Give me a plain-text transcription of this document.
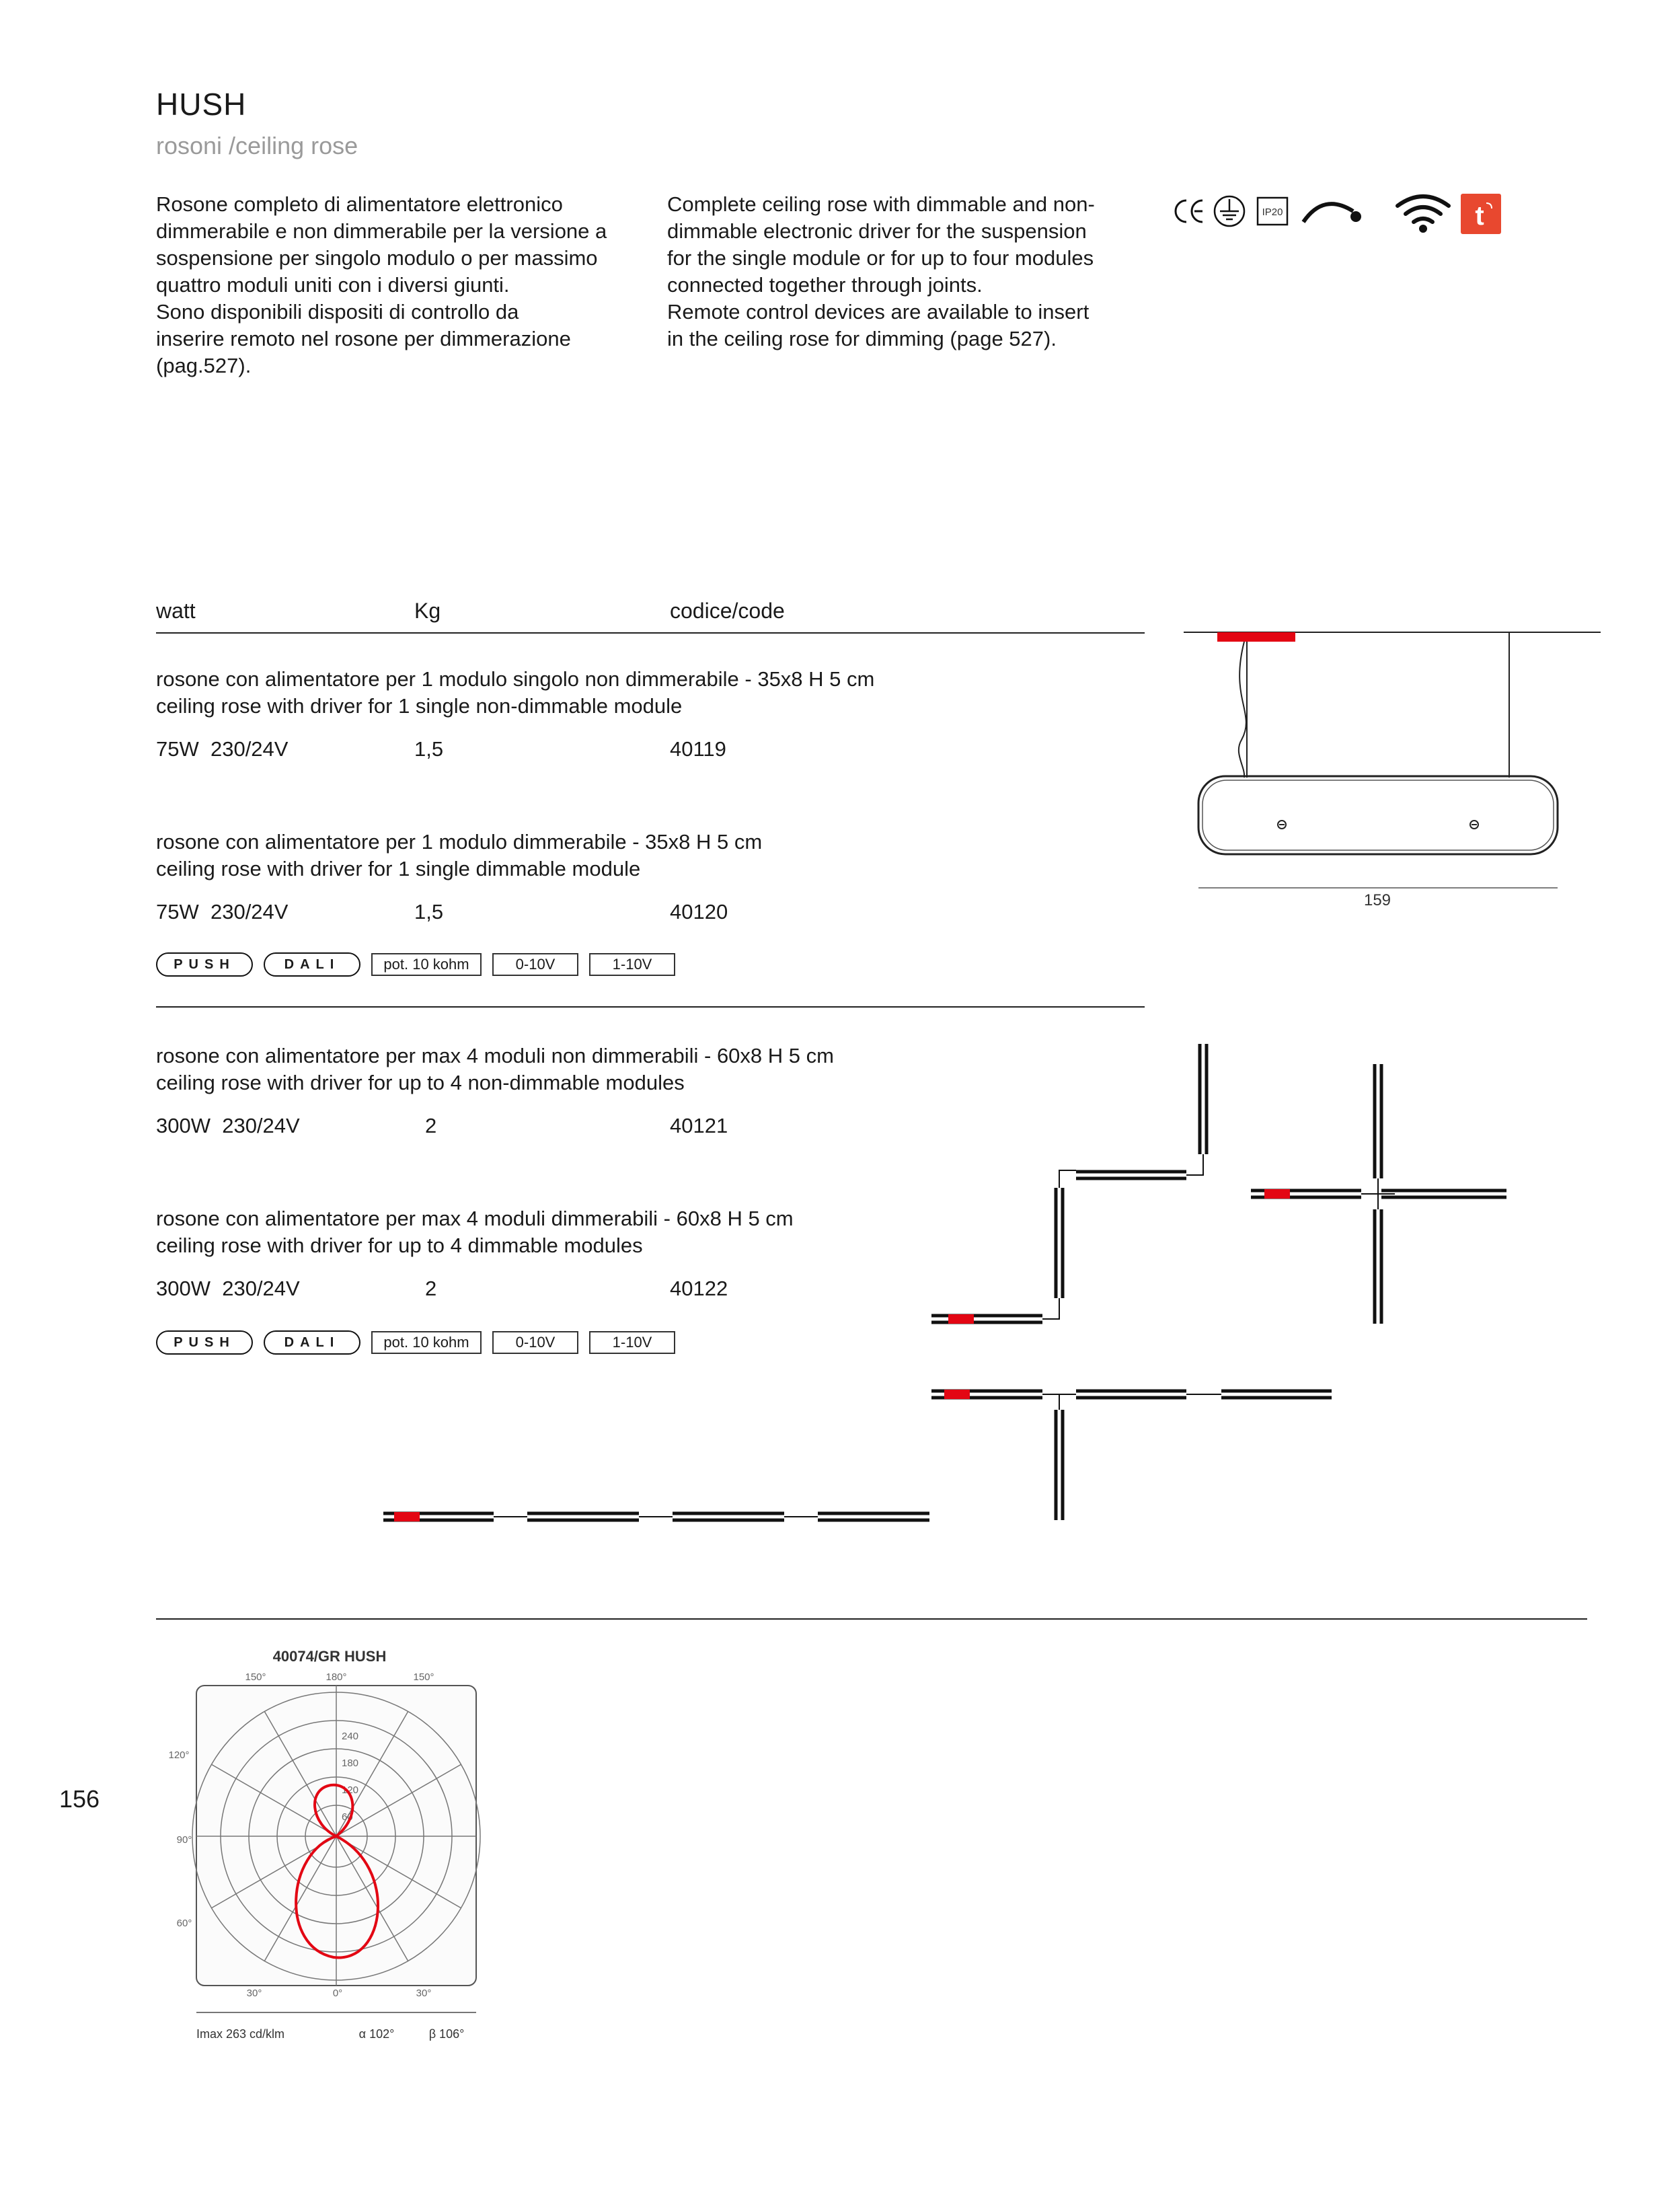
HUSH
rosoni /ceiling rose
Rosone completo di alimentatore elettronico
dimmerabile e non dimmerabile per la versione a
sospensione per singolo modulo o per massimo
quattro moduli uniti con i diversi giunti.
Sono disponibili dispositi di controllo da
inserire remoto nel rosone per dimmerazione
(pag.527).
Complete ceiling rose with dimmable and non-
dimmable electronic driver for the suspension
for the single module or for up to four modules
connected together through joints.
Remote control devices are available to insert
in the ceiling rose for dimming (page 527).
IP20	t
watt	Kg	codice/code
rosone con alimentatore per 1 modulo singolo non dimmerabile - 35x8 H 5 cm
ceiling rose with driver for 1 single non-dimmable module
75W  230/24V	1,5	40119
rosone con alimentatore per 1 modulo dimmerabile - 35x8 H 5 cm
ceiling rose with driver for 1 single dimmable module
75W  230/24V	1,5	40120
PUSH	DALI	pot. 10 kohm	0-10V	1-10V
rosone con alimentatore per max 4 moduli non dimmerabili - 60x8 H 5 cm
ceiling rose with driver for up to 4 non-dimmable modules
300W  230/24V	2	40121
rosone con alimentatore per max 4 moduli dimmerabili - 60x8 H 5 cm
ceiling rose with driver for up to 4 dimmable modules
300W  230/24V	2	40122
PUSH	DALI	pot. 10 kohm	0-10V	1-10V
159
40074/GR HUSH
150°	180°	150°
120°
90°
60°
30°	0°	30°
240
180
120
60
Imax 263 cd/klm	α 102°	β 106°
156
